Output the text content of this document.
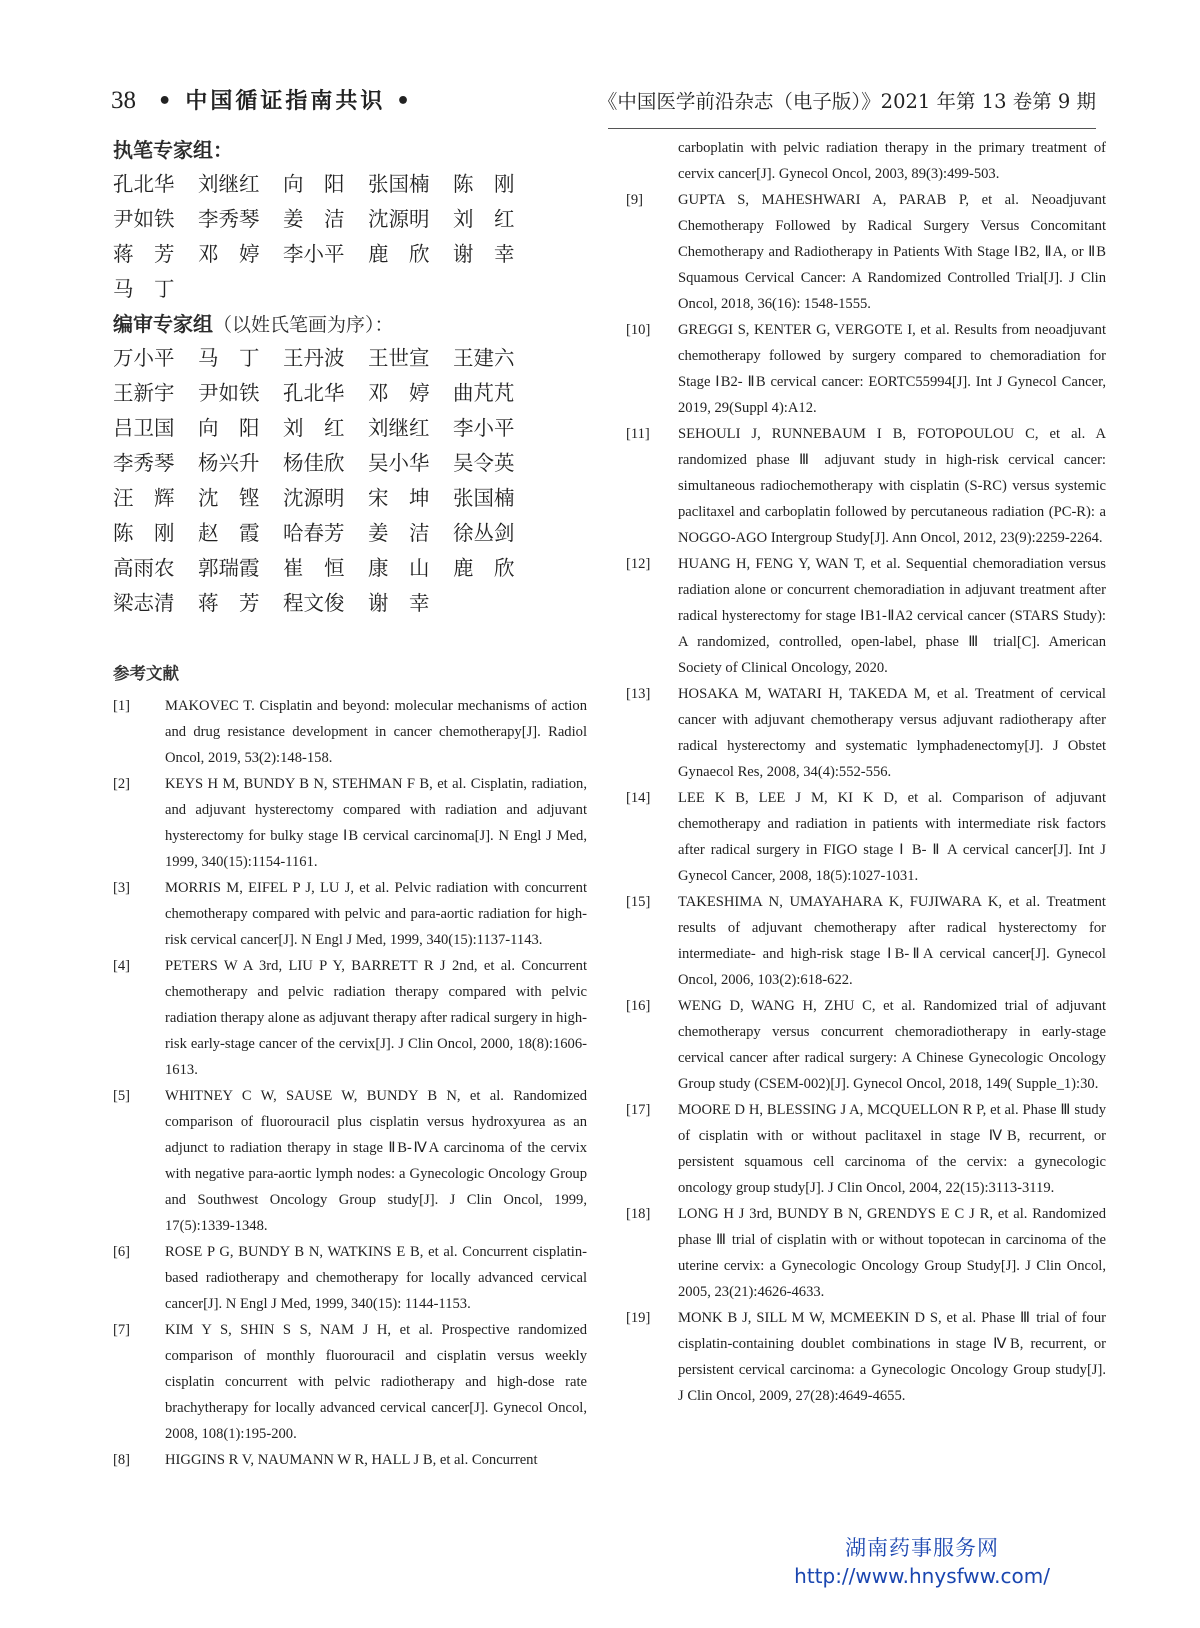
38 • 中国循证指南共识 •	《中国医学前沿杂志（电子版）》2021 年第 13 卷第 9 期
执笔专家组：
孔北华 刘继红 向　阳 张国楠 陈　刚
尹如铁 李秀琴 姜　洁 沈源明 刘　红
蒋　芳 邓　婷 李小平 鹿　欣 谢　幸
马　丁
编审专家组（以姓氏笔画为序）：
万小平 马　丁 王丹波 王世宣 王建六
王新宇 尹如铁 孔北华 邓　婷 曲芃芃
吕卫国 向　阳 刘　红 刘继红 李小平
李秀琴 杨兴升 杨佳欣 吴小华 吴令英
汪　辉 沈　铿 沈源明 宋　坤 张国楠
陈　刚 赵　霞 哈春芳 姜　洁 徐丛剑
高雨农 郭瑞霞 崔　恒 康　山 鹿　欣
梁志清 蒋　芳 程文俊 谢　幸
参考文献
[1] MAKOVEC T. Cisplatin and beyond: molecular mechanisms of action and drug resistance development in cancer chemotherapy[J]. Radiol Oncol, 2019, 53(2):148-158.
[2] KEYS H M, BUNDY B N, STEHMAN F B, et al. Cisplatin, radiation, and adjuvant hysterectomy compared with radiation and adjuvant hysterectomy for bulky stage ⅠB cervical carcinoma[J]. N Engl J Med, 1999, 340(15):1154-1161.
[3] MORRIS M, EIFEL P J, LU J, et al. Pelvic radiation with concurrent chemotherapy compared with pelvic and para-aortic radiation for high-risk cervical cancer[J]. N Engl J Med, 1999, 340(15):1137-1143.
[4] PETERS W A 3rd, LIU P Y, BARRETT R J 2nd, et al. Concurrent chemotherapy and pelvic radiation therapy compared with pelvic radiation therapy alone as adjuvant therapy after radical surgery in high-risk early-stage cancer of the cervix[J]. J Clin Oncol, 2000, 18(8):1606-1613.
[5] WHITNEY C W, SAUSE W, BUNDY B N, et al. Randomized comparison of fluorouracil plus cisplatin versus hydroxyurea as an adjunct to radiation therapy in stage ⅡB-ⅣA carcinoma of the cervix with negative para-aortic lymph nodes: a Gynecologic Oncology Group and Southwest Oncology Group study[J]. J Clin Oncol, 1999, 17(5):1339-1348.
[6] ROSE P G, BUNDY B N, WATKINS E B, et al. Concurrent cisplatin-based radiotherapy and chemotherapy for locally advanced cervical cancer[J]. N Engl J Med, 1999, 340(15): 1144-1153.
[7] KIM Y S, SHIN S S, NAM J H, et al. Prospective randomized comparison of monthly fluorouracil and cisplatin versus weekly cisplatin concurrent with pelvic radiotherapy and high-dose rate brachytherapy for locally advanced cervical cancer[J]. Gynecol Oncol, 2008, 108(1):195-200.
[8] HIGGINS R V, NAUMANN W R, HALL J B, et al. Concurrent
carboplatin with pelvic radiation therapy in the primary treatment of cervix cancer[J]. Gynecol Oncol, 2003, 89(3):499-503.
[9] GUPTA S, MAHESHWARI A, PARAB P, et al. Neoadjuvant Chemotherapy Followed by Radical Surgery Versus Concomitant Chemotherapy and Radiotherapy in Patients With Stage ⅠB2, ⅡA, or ⅡB Squamous Cervical Cancer: A Randomized Controlled Trial[J]. J Clin Oncol, 2018, 36(16): 1548-1555.
[10] GREGGI S, KENTER G, VERGOTE I, et al. Results from neoadjuvant chemotherapy followed by surgery compared to chemoradiation for Stage ⅠB2- ⅡB cervical cancer: EORTC55994[J]. Int J Gynecol Cancer, 2019, 29(Suppl 4):A12.
[11] SEHOULI J, RUNNEBAUM I B, FOTOPOULOU C, et al. A randomized phase Ⅲ adjuvant study in high-risk cervical cancer: simultaneous radiochemotherapy with cisplatin (S-RC) versus systemic paclitaxel and carboplatin followed by percutaneous radiation (PC-R): a NOGGO-AGO Intergroup Study[J]. Ann Oncol, 2012, 23(9):2259-2264.
[12] HUANG H, FENG Y, WAN T, et al. Sequential chemoradiation versus radiation alone or concurrent chemoradiation in adjuvant treatment after radical hysterectomy for stage ⅠB1-ⅡA2 cervical cancer (STARS Study): A randomized, controlled, open-label, phase Ⅲ trial[C]. American Society of Clinical Oncology, 2020.
[13] HOSAKA M, WATARI H, TAKEDA M, et al. Treatment of cervical cancer with adjuvant chemotherapy versus adjuvant radiotherapy after radical hysterectomy and systematic lymphadenectomy[J]. J Obstet Gynaecol Res, 2008, 34(4):552-556.
[14] LEE K B, LEE J M, KI K D, et al. Comparison of adjuvant chemotherapy and radiation in patients with intermediate risk factors after radical surgery in FIGO stage Ⅰ B- Ⅱ A cervical cancer[J]. Int J Gynecol Cancer, 2008, 18(5):1027-1031.
[15] TAKESHIMA N, UMAYAHARA K, FUJIWARA K, et al. Treatment results of adjuvant chemotherapy after radical hysterectomy for intermediate- and high-risk stage ⅠB-ⅡA cervical cancer[J]. Gynecol Oncol, 2006, 103(2):618-622.
[16] WENG D, WANG H, ZHU C, et al. Randomized trial of adjuvant chemotherapy versus concurrent chemoradiotherapy in early-stage cervical cancer after radical surgery: A Chinese Gynecologic Oncology Group study (CSEM-002)[J]. Gynecol Oncol, 2018, 149( Supple_1):30.
[17] MOORE D H, BLESSING J A, MCQUELLON R P, et al. Phase Ⅲ study of cisplatin with or without paclitaxel in stage ⅣB, recurrent, or persistent squamous cell carcinoma of the cervix: a gynecologic oncology group study[J]. J Clin Oncol, 2004, 22(15):3113-3119.
[18] LONG H J 3rd, BUNDY B N, GRENDYS E C J R, et al. Randomized phase Ⅲ trial of cisplatin with or without topotecan in carcinoma of the uterine cervix: a Gynecologic Oncology Group Study[J]. J Clin Oncol, 2005, 23(21):4626-4633.
[19] MONK B J, SILL M W, MCMEEKIN D S, et al. Phase Ⅲ trial of four cisplatin-containing doublet combinations in stage ⅣB, recurrent, or persistent cervical carcinoma: a Gynecologic Oncology Group study[J]. J Clin Oncol, 2009, 27(28):4649-4655.
湖南药事服务网
http://www.hnysfww.com/
